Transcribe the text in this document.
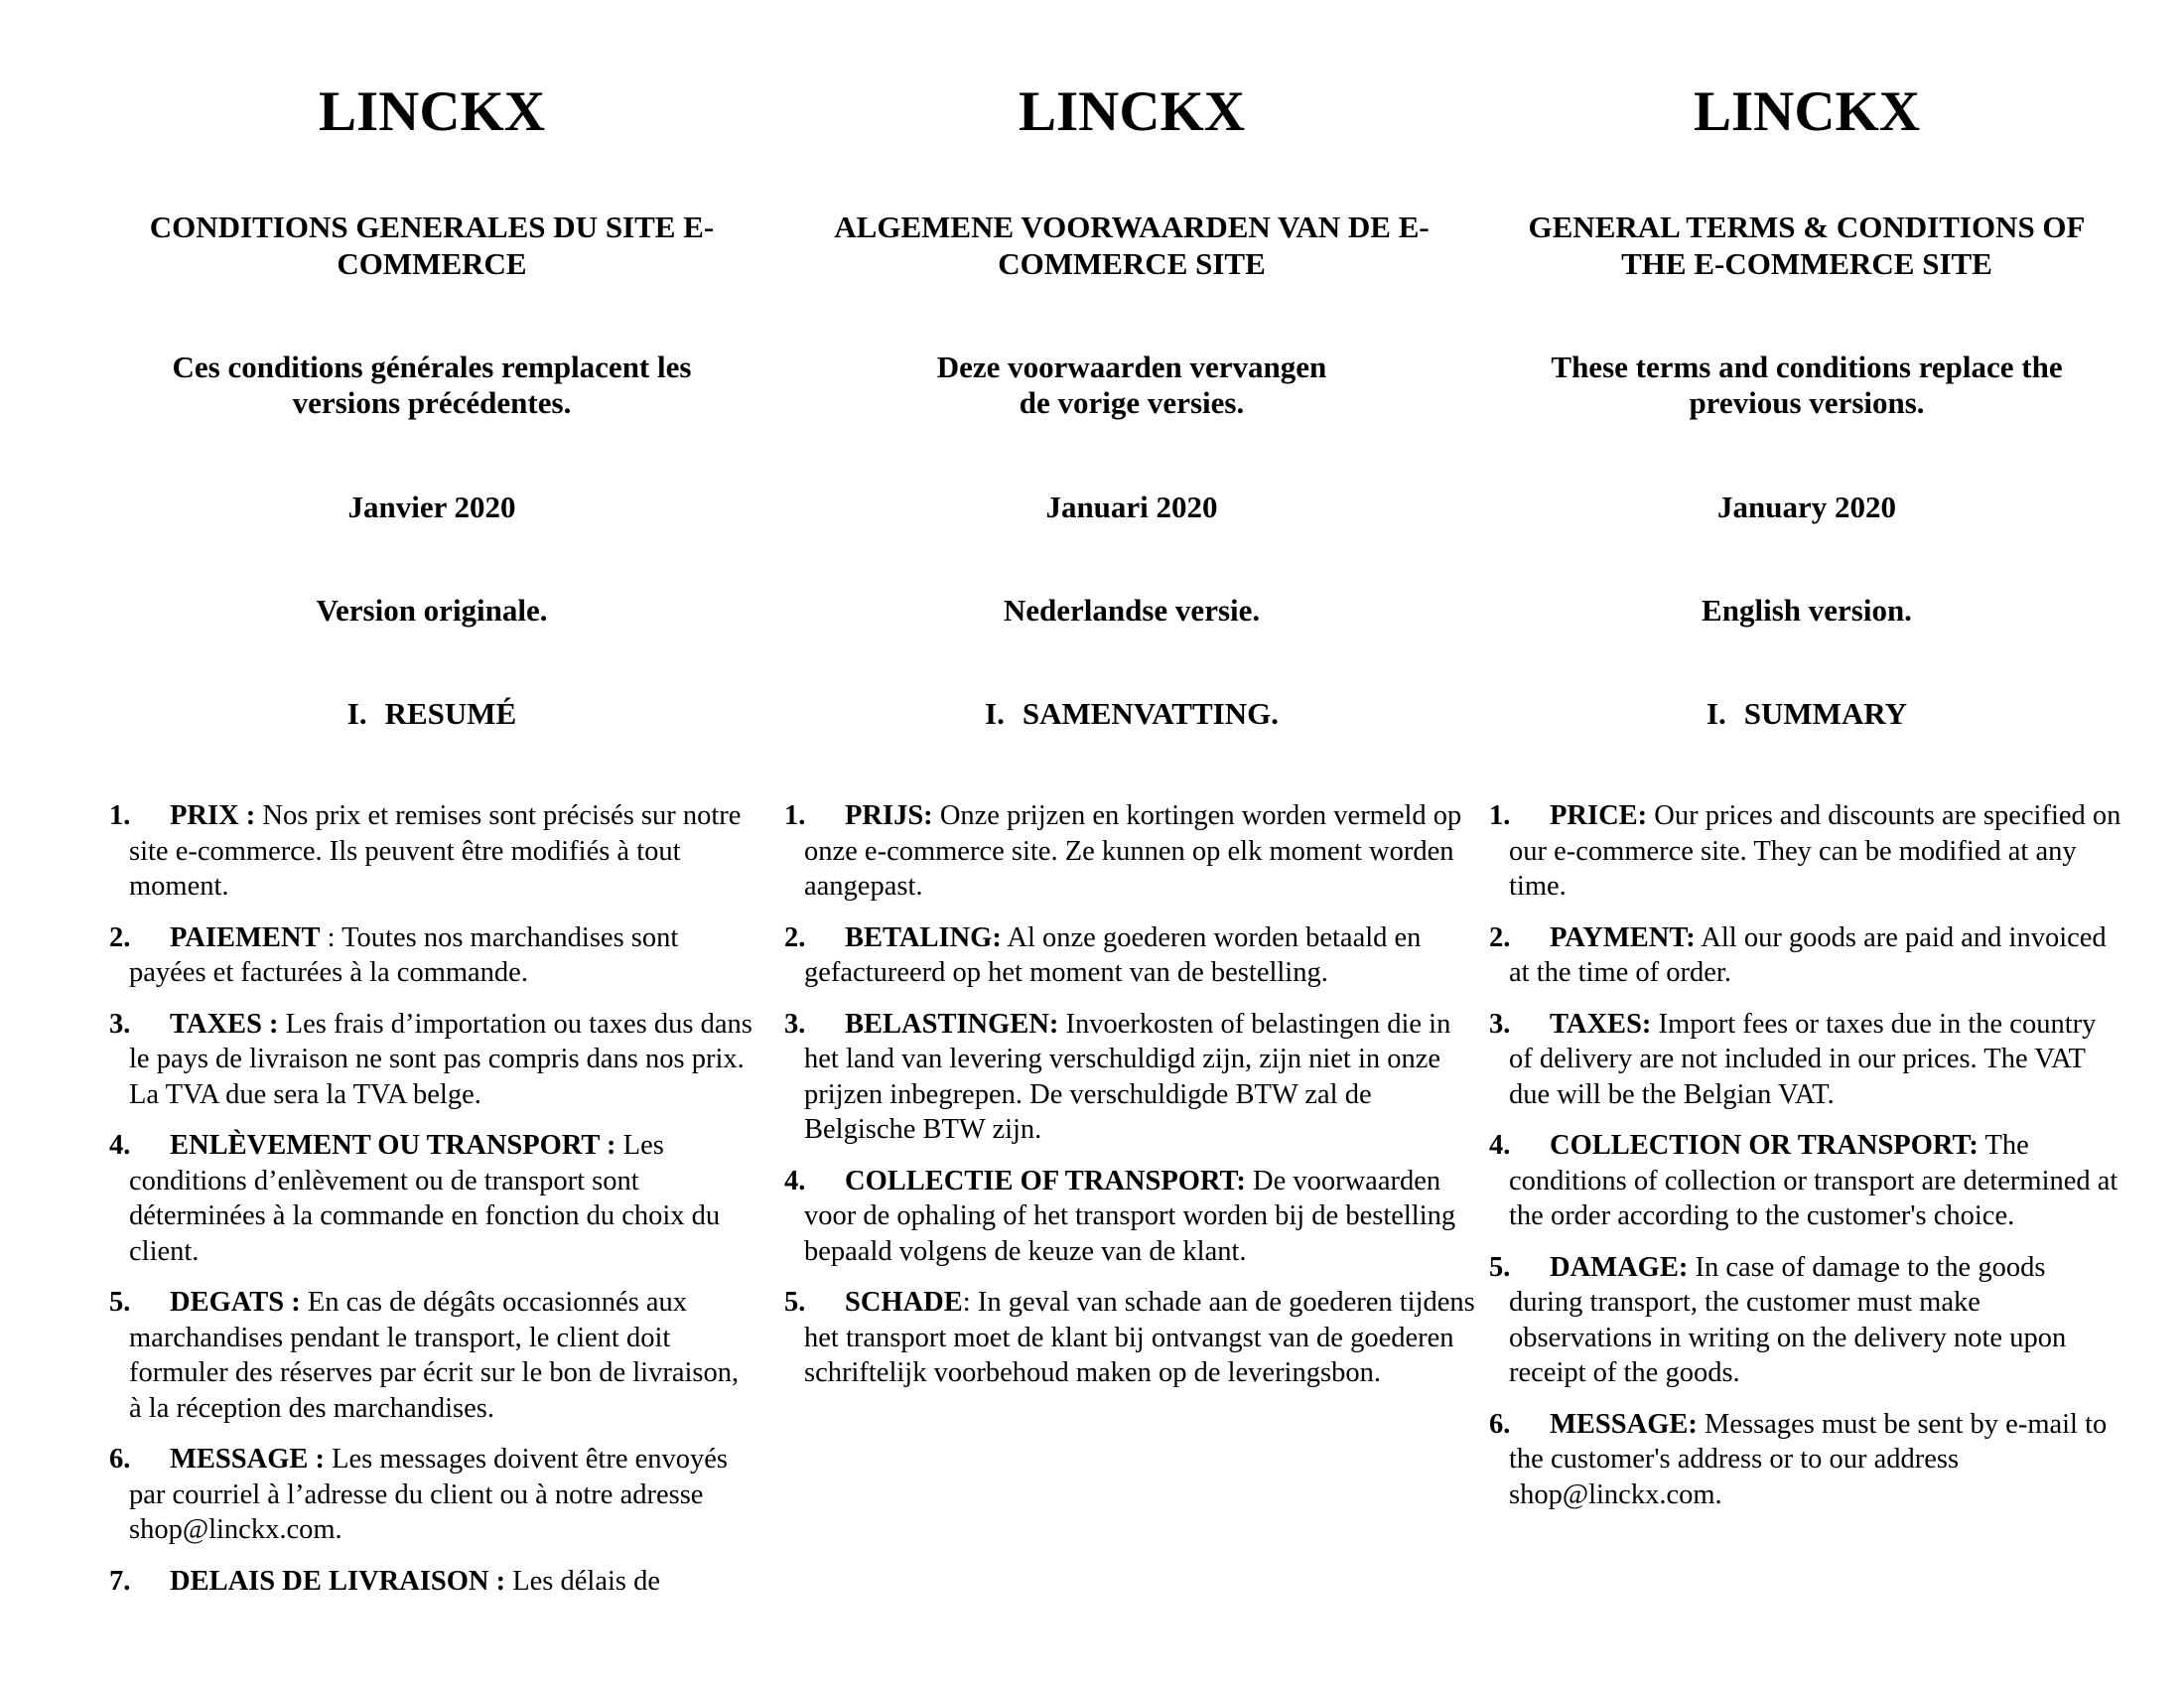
LINCKX
CONDITIONS GENERALES DU SITE E-
COMMERCE
Ces conditions générales remplacent les
versions précédentes.
Janvier 2020
Version originale.
I. RESUMÉ
1. PRIX : Nos prix et remises sont précisés sur notre site e-commerce. Ils peuvent être modifiés à tout moment.
2. PAIEMENT : Toutes nos marchandises sont payées et facturées à la commande.
3. TAXES : Les frais d’importation ou taxes dus dans le pays de livraison ne sont pas compris dans nos prix. La TVA due sera la TVA belge.
4. ENLÈVEMENT OU TRANSPORT : Les conditions d’enlèvement ou de transport sont déterminées à la commande en fonction du choix du client.
5. DEGATS : En cas de dégâts occasionnés aux marchandises pendant le transport, le client doit formuler des réserves par écrit sur le bon de livraison, à la réception des marchandises.
6. MESSAGE : Les messages doivent être envoyés par courriel à l’adresse du client ou à notre adresse shop@linckx.com.
7. DELAIS DE LIVRAISON : Les délais de
LINCKX
ALGEMENE VOORWAARDEN VAN DE E-
COMMERCE SITE
Deze voorwaarden vervangen
de vorige versies.
Januari 2020
Nederlandse versie.
I. SAMENVATTING.
1. PRIJS: Onze prijzen en kortingen worden vermeld op onze e-commerce site. Ze kunnen op elk moment worden aangepast.
2. BETALING: Al onze goederen worden betaald en gefactureerd op het moment van de bestelling.
3. BELASTINGEN: Invoerkosten of belastingen die in het land van levering verschuldigd zijn, zijn niet in onze prijzen inbegrepen. De verschuldigde BTW zal de Belgische BTW zijn.
4. COLLECTIE OF TRANSPORT: De voorwaarden voor de ophaling of het transport worden bij de bestelling bepaald volgens de keuze van de klant.
5. SCHADE: In geval van schade aan de goederen tijdens het transport moet de klant bij ontvangst van de goederen schriftelijk voorbehoud maken op de leveringsbon.
LINCKX
GENERAL TERMS & CONDITIONS OF
THE E-COMMERCE SITE
These terms and conditions replace the
previous versions.
January 2020
English version.
I. SUMMARY
1. PRICE: Our prices and discounts are specified on our e-commerce site. They can be modified at any time.
2. PAYMENT: All our goods are paid and invoiced at the time of order.
3. TAXES: Import fees or taxes due in the country of delivery are not included in our prices. The VAT due will be the Belgian VAT.
4. COLLECTION OR TRANSPORT: The conditions of collection or transport are determined at the order according to the customer's choice.
5. DAMAGE: In case of damage to the goods during transport, the customer must make observations in writing on the delivery note upon receipt of the goods.
6. MESSAGE: Messages must be sent by e-mail to the customer's address or to our address shop@linckx.com.
